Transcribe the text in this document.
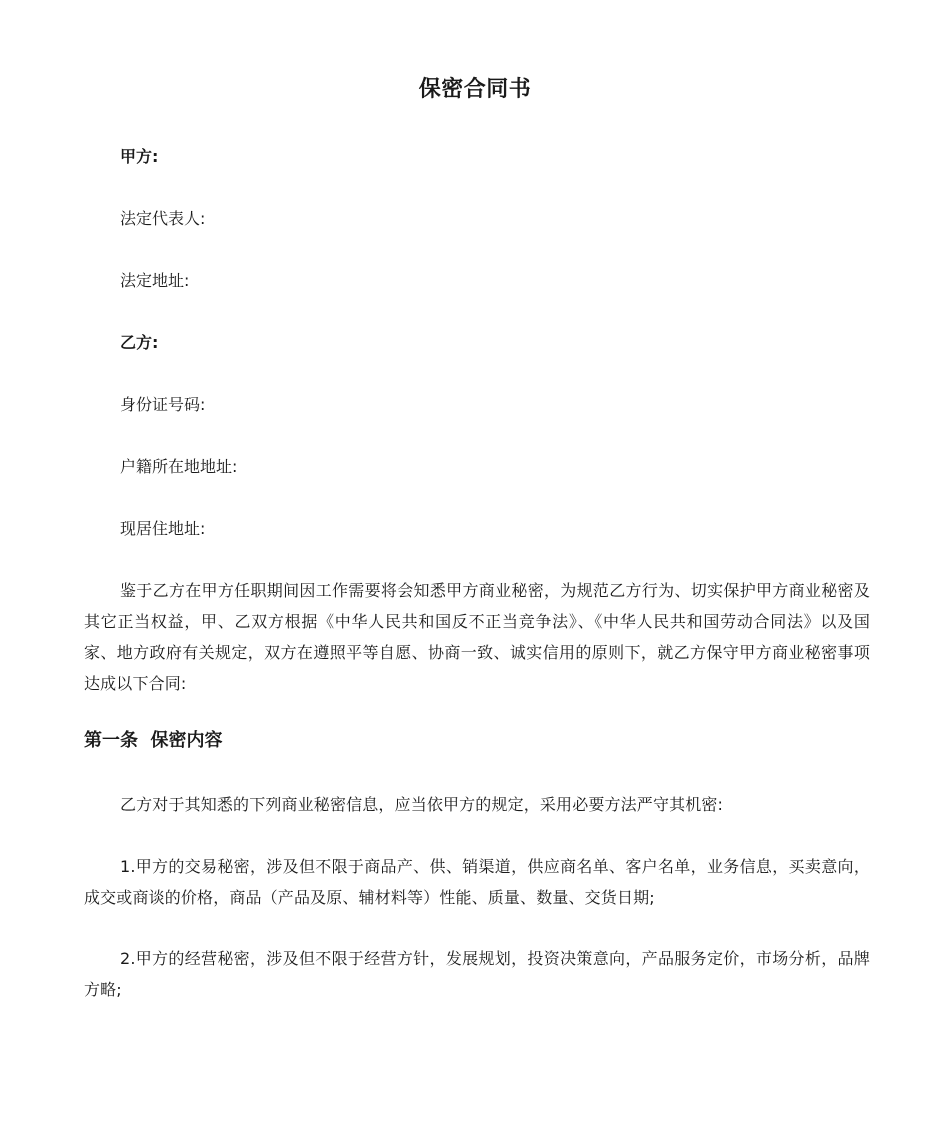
保密合同书
甲方:
法定代表人:
法定地址:
乙方:
身份证号码:
户籍所在地地址:
现居住地址:
鉴于乙方在甲方任职期间因工作需要将会知悉甲方商业秘密，为规范乙方行为、切实保护甲方商业秘密及其它正当权益，甲、乙双方根据《中华人民共和国反不正当竞争法》、《中华人民共和国劳动合同法》以及国家、地方政府有关规定，双方在遵照平等自愿、协商一致、诚实信用的原则下，就乙方保守甲方商业秘密事项达成以下合同:
第一条  保密内容
乙方对于其知悉的下列商业秘密信息，应当依甲方的规定，采用必要方法严守其机密:
1.甲方的交易秘密，涉及但不限于商品产、供、销渠道，供应商名单、客户名单，业务信息，买卖意向，成交或商谈的价格，商品（产品及原、辅材料等）性能、质量、数量、交货日期;
2.甲方的经营秘密，涉及但不限于经营方针，发展规划，投资决策意向，产品服务定价，市场分析，品牌方略;
